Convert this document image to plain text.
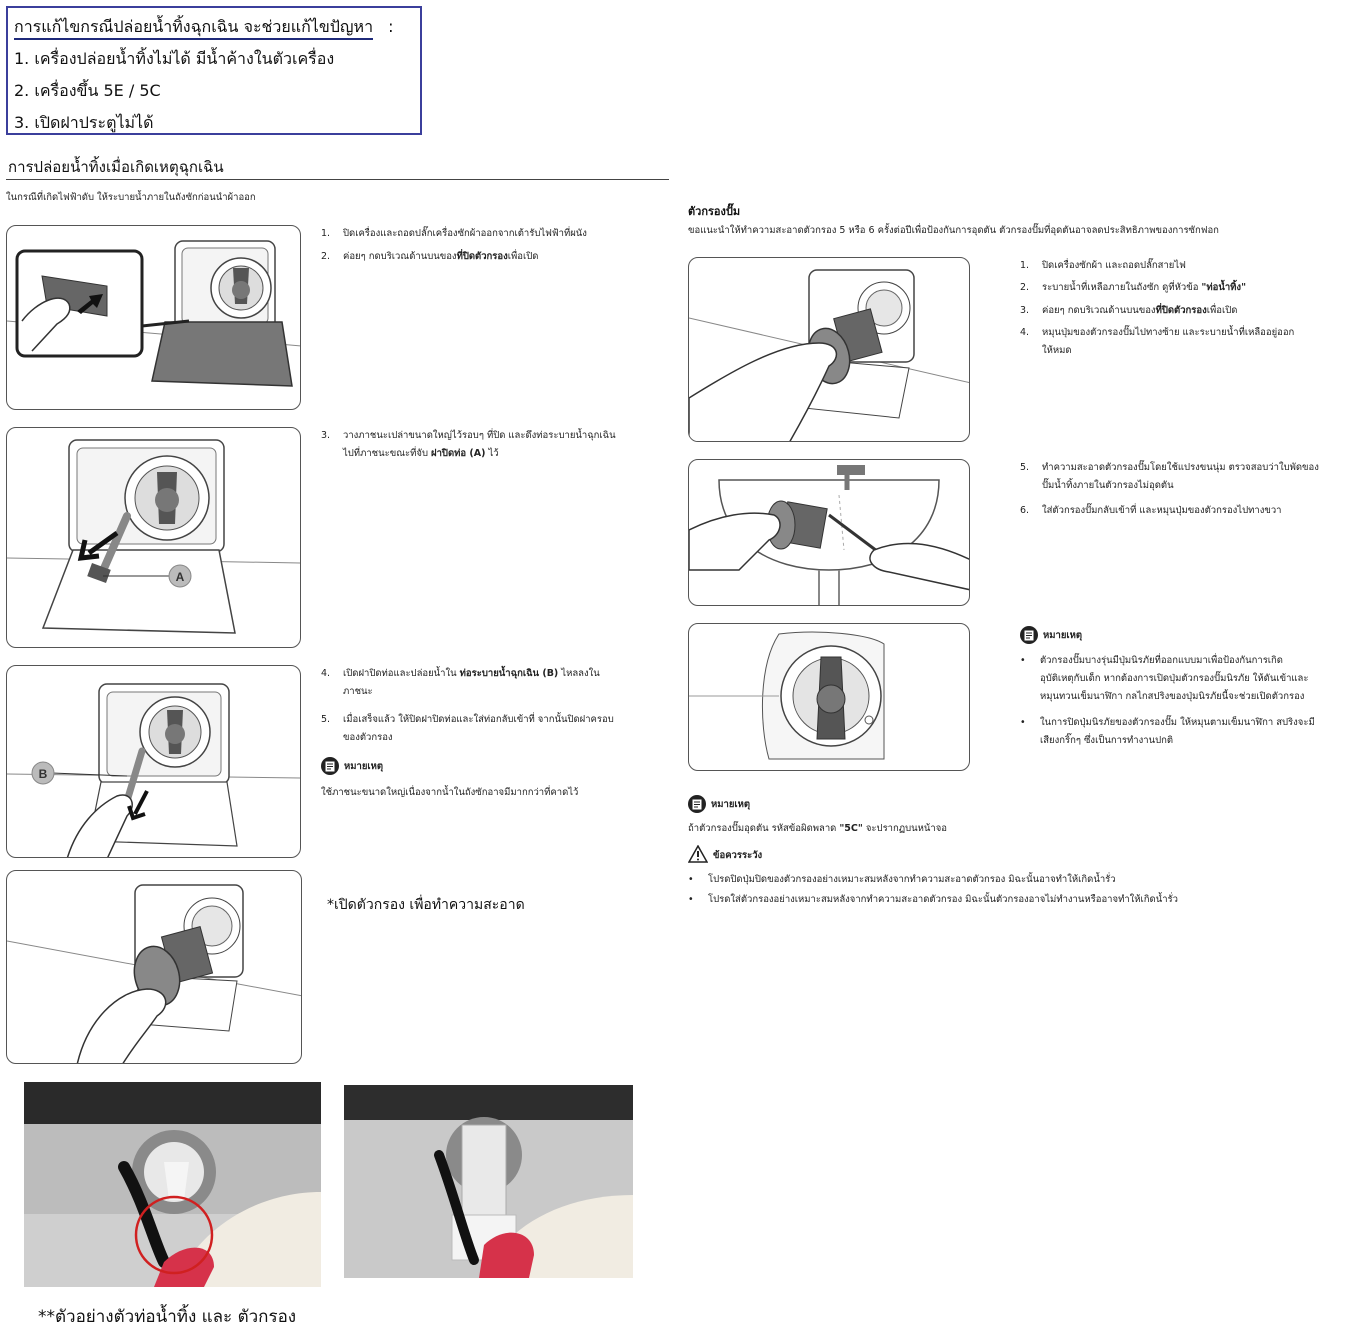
การแก้ไขกรณีปล่อยน้ำทิ้งฉุกเฉิน จะช่วยแก้ไขปัญหา :
1. เครื่องปล่อยน้ำทิ้งไม่ได้ มีน้ำค้างในตัวเครื่อง
2. เครื่องขึ้น 5E / 5C
3. เปิดฝาประตูไม่ได้
การปล่อยน้ำทิ้งเมื่อเกิดเหตุฉุกเฉิน
ในกรณีที่เกิดไฟฟ้าดับ ให้ระบายน้ำภายในถังซักก่อนนำผ้าออก
1. ปิดเครื่องและถอดปลั๊กเครื่องซักผ้าออกจากเต้ารับไฟฟ้าที่ผนัง
2. ค่อยๆ กดบริเวณด้านบนของที่ปิดตัวกรองเพื่อเปิด
A
3. วางภาชนะเปล่าขนาดใหญ่ไว้รอบๆ ที่ปิด และดึงท่อระบายน้ำฉุกเฉิน
ไปที่ภาชนะขณะที่จับ ฝาปิดท่อ (A) ไว้
B
4. เปิดฝาปิดท่อและปล่อยน้ำใน ท่อระบายน้ำฉุกเฉิน (B) ไหลลงใน
ภาชนะ
5. เมื่อเสร็จแล้ว ให้ปิดฝาปิดท่อและใส่ท่อกลับเข้าที่ จากนั้นปิดฝาครอบ
ของตัวกรอง
หมายเหตุ
ใช้ภาชนะขนาดใหญ่เนื่องจากน้ำในถังซักอาจมีมากกว่าที่คาดไว้
*เปิดตัวกรอง เพื่อทำความสะอาด
**ตัวอย่างตัวท่อน้ำทิ้ง และ ตัวกรอง
ตัวกรองปั๊ม
ขอแนะนำให้ทำความสะอาดตัวกรอง 5 หรือ 6 ครั้งต่อปีเพื่อป้องกันการอุดตัน ตัวกรองปั๊มที่อุดตันอาจลดประสิทธิภาพของการซักฟอก
1. ปิดเครื่องซักผ้า และถอดปลั๊กสายไฟ
2. ระบายน้ำที่เหลือภายในถังซัก ดูที่หัวข้อ "ท่อน้ำทิ้ง"
3. ค่อยๆ กดบริเวณด้านบนของที่ปิดตัวกรองเพื่อเปิด
4. หมุนปุ่มของตัวกรองปั๊มไปทางซ้าย และระบายน้ำที่เหลืออยู่ออก
ให้หมด
5. ทำความสะอาดตัวกรองปั๊มโดยใช้แปรงขนนุ่ม ตรวจสอบว่าใบพัดของ
ปั๊มน้ำทิ้งภายในตัวกรองไม่อุดตัน
6. ใส่ตัวกรองปั๊มกลับเข้าที่ และหมุนปุ่มของตัวกรองไปทางขวา
หมายเหตุ
• ตัวกรองปั๊มบางรุ่นมีปุ่มนิรภัยที่ออกแบบมาเพื่อป้องกันการเกิด
อุบัติเหตุกับเด็ก หากต้องการเปิดปุ่มตัวกรองปั๊มนิรภัย ให้ดันเข้าและ
หมุนทวนเข็มนาฬิกา กลไกสปริงของปุ่มนิรภัยนี้จะช่วยเปิดตัวกรอง
• ในการปิดปุ่มนิรภัยของตัวกรองปั๊ม ให้หมุนตามเข็มนาฬิกา สปริงจะมี
เสียงกริ๊กๆ ซึ่งเป็นการทำงานปกติ
หมายเหตุ
ถ้าตัวกรองปั๊มอุดตัน รหัสข้อผิดพลาด "5C" จะปรากฏบนหน้าจอ
ข้อควรระวัง
• โปรดปิดปุ่มปิดของตัวกรองอย่างเหมาะสมหลังจากทำความสะอาดตัวกรอง มิฉะนั้นอาจทำให้เกิดน้ำรั่ว
• โปรดใส่ตัวกรองอย่างเหมาะสมหลังจากทำความสะอาดตัวกรอง มิฉะนั้นตัวกรองอาจไม่ทำงานหรืออาจทำให้เกิดน้ำรั่ว
